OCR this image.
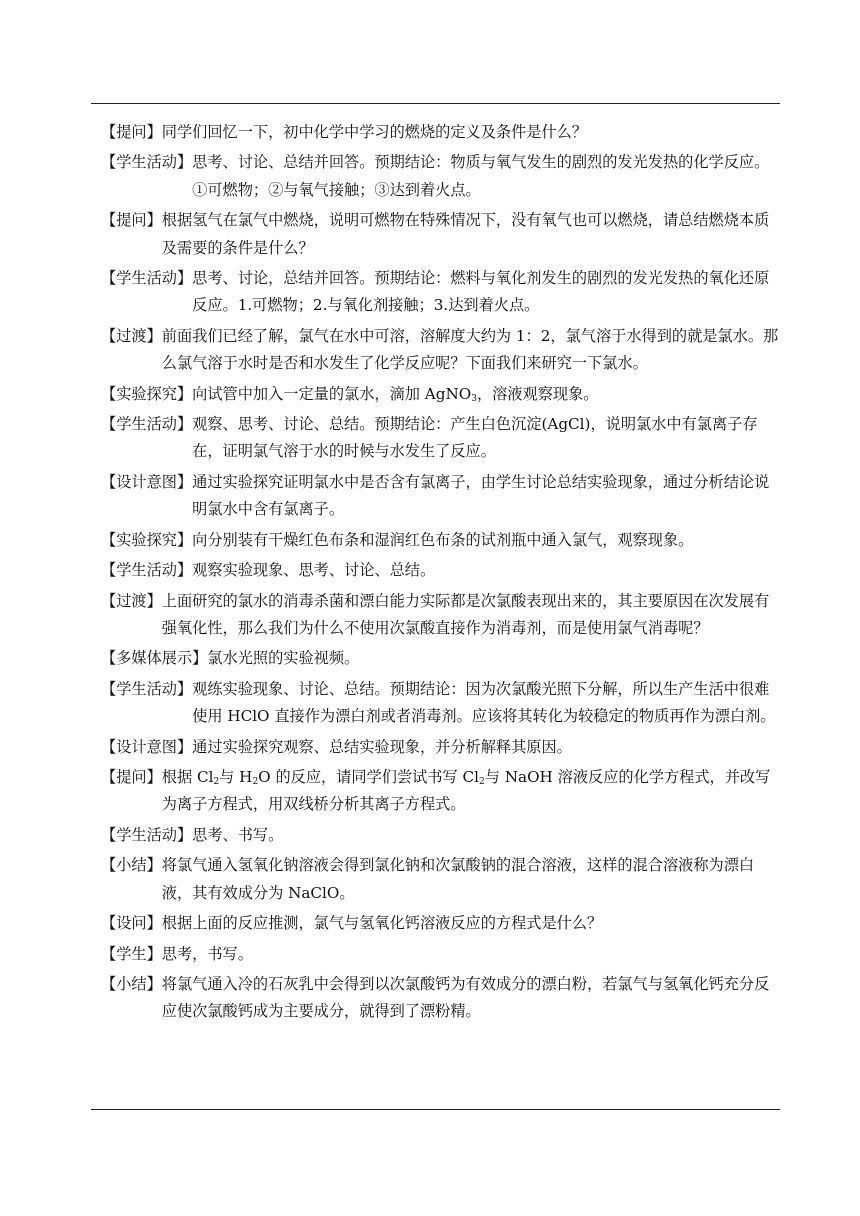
【提问】 同学们回忆一下，初中化学中学习的燃烧的定义及条件是什么？
【学生活动】 思考、讨论、总结并回答。预期结论：物质与氧气发生的剧烈的发光发热的化学反应。①可燃物；②与氧气接触；③达到着火点。
【提问】 根据氢气在氯气中燃烧，说明可燃物在特殊情况下，没有氧气也可以燃烧，请总结燃烧本质及需要的条件是什么？
【学生活动】 思考、讨论，总结并回答。预期结论：燃料与氧化剂发生的剧烈的发光发热的氧化还原反应。1.可燃物；2.与氧化剂接触；3.达到着火点。
【过渡】 前面我们已经了解，氯气在水中可溶，溶解度大约为 1：2，氯气溶于水得到的就是氯水。那么氯气溶于水时是否和水发生了化学反应呢？下面我们来研究一下氯水。
【实验探究】 向试管中加入一定量的氯水，滴加 AgNO$_3$，溶液观察现象。
【学生活动】 观察、思考、讨论、总结。预期结论：产生白色沉淀(AgCl)，说明氯水中有氯离子存在，证明氯气溶于水的时候与水发生了反应。
【设计意图】 通过实验探究证明氯水中是否含有氯离子，由学生讨论总结实验现象，通过分析结论说明氯水中含有氯离子。
【实验探究】 向分别装有干燥红色布条和湿润红色布条的试剂瓶中通入氯气，观察现象。
【学生活动】 观察实验现象、思考、讨论、总结。
【过渡】 上面研究的氯水的消毒杀菌和漂白能力实际都是次氯酸表现出来的，其主要原因在次发展有强氧化性，那么我们为什么不使用次氯酸直接作为消毒剂，而是使用氯气消毒呢？
【多媒体展示】 氯水光照的实验视频。
【学生活动】 观练实验现象、讨论、总结。预期结论：因为次氯酸光照下分解，所以生产生活中很难使用 HClO 直接作为漂白剂或者消毒剂。应该将其转化为较稳定的物质再作为漂白剂。
【设计意图】 通过实验探究观察、总结实验现象，并分析解释其原因。
【提问】 根据 $Cl_2$与 $H_2O$ 的反应，请同学们尝试书写 $Cl_2$与 NaOH 溶液反应的化学方程式，并改写为离子方程式，用双线桥分析其离子方程式。
【学生活动】 思考、书写。
【小结】 将氯气通入氢氧化钠溶液会得到氯化钠和次氯酸钠的混合溶液，这样的混合溶液称为漂白液，其有效成分为 NaClO。
【设问】 根据上面的反应推测，氯气与氢氧化钙溶液反应的方程式是什么？
【学生】 思考，书写。
【小结】 将氯气通入冷的石灰乳中会得到以次氯酸钙为有效成分的漂白粉，若氯气与氢氧化钙充分反应使次氯酸钙成为主要成分，就得到了漂粉精。
